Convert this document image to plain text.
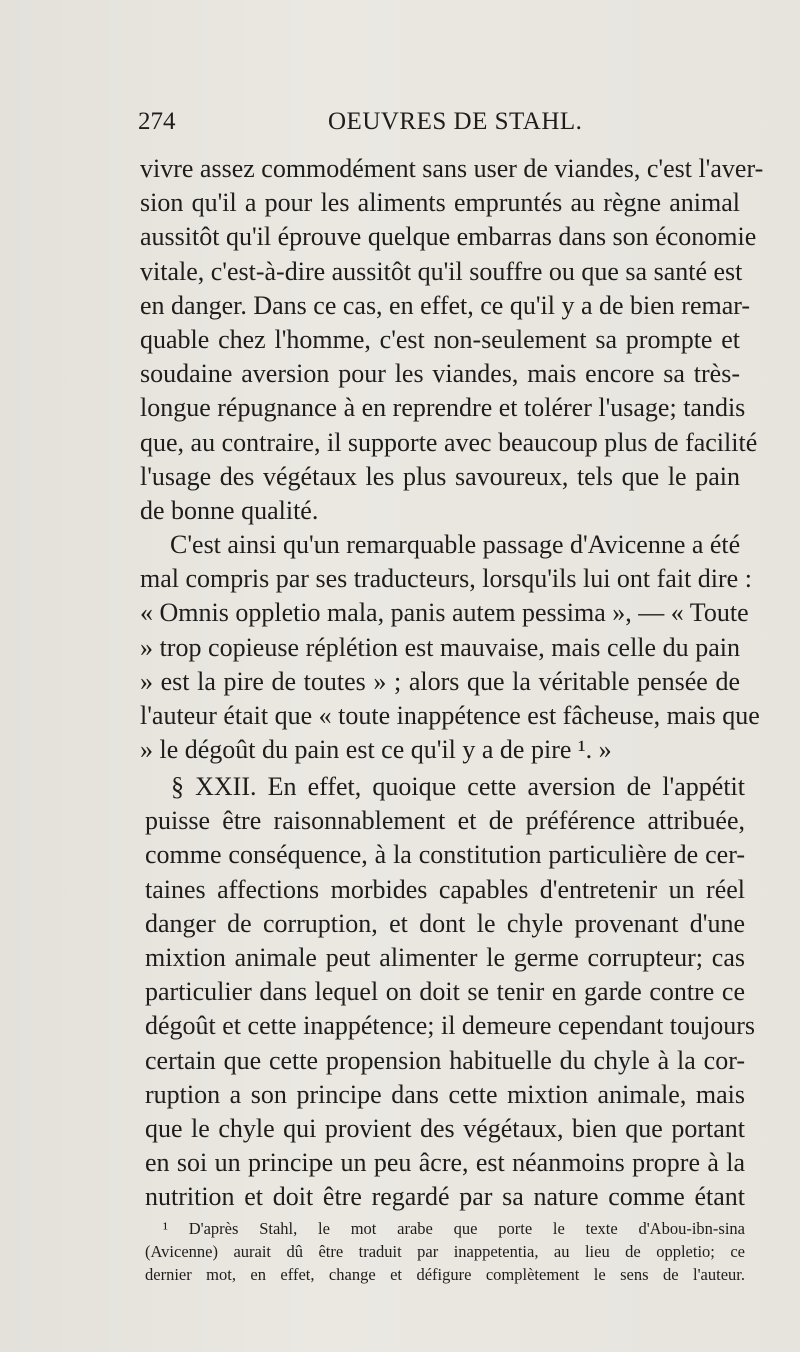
274	OEUVRES DE STAHL.
vivre assez commodément sans user de viandes, c'est l'aver-
sion qu'il a pour les aliments empruntés au règne animal
aussitôt qu'il éprouve quelque embarras dans son économie
vitale, c'est-à-dire aussitôt qu'il souffre ou que sa santé est
en danger. Dans ce cas, en effet, ce qu'il y a de bien remar-
quable chez l'homme, c'est non-seulement sa prompte et
soudaine aversion pour les viandes, mais encore sa très-
longue répugnance à en reprendre et tolérer l'usage; tandis
que, au contraire, il supporte avec beaucoup plus de facilité
l'usage des végétaux les plus savoureux, tels que le pain
de bonne qualité.
C'est ainsi qu'un remarquable passage d'Avicenne a été
mal compris par ses traducteurs, lorsqu'ils lui ont fait dire :
« Omnis oppletio mala, panis autem pessima », — « Toute
» trop copieuse réplétion est mauvaise, mais celle du pain
» est la pire de toutes » ; alors que la véritable pensée de
l'auteur était que « toute inappétence est fâcheuse, mais que
» le dégoût du pain est ce qu'il y a de pire ¹. »
§ XXII. En effet, quoique cette aversion de l'appétit
puisse être raisonnablement et de préférence attribuée,
comme conséquence, à la constitution particulière de cer-
taines affections morbides capables d'entretenir un réel
danger de corruption, et dont le chyle provenant d'une
mixtion animale peut alimenter le germe corrupteur; cas
particulier dans lequel on doit se tenir en garde contre ce
dégoût et cette inappétence; il demeure cependant toujours
certain que cette propension habituelle du chyle à la cor-
ruption a son principe dans cette mixtion animale, mais
que le chyle qui provient des végétaux, bien que portant
en soi un principe un peu âcre, est néanmoins propre à la
nutrition et doit être regardé par sa nature comme étant
¹ D'après Stahl, le mot arabe que porte le texte d'Abou-ibn-sina
(Avicenne) aurait dû être traduit par inappetentia, au lieu de oppletio; ce
dernier mot, en effet, change et défigure complètement le sens de l'auteur.
